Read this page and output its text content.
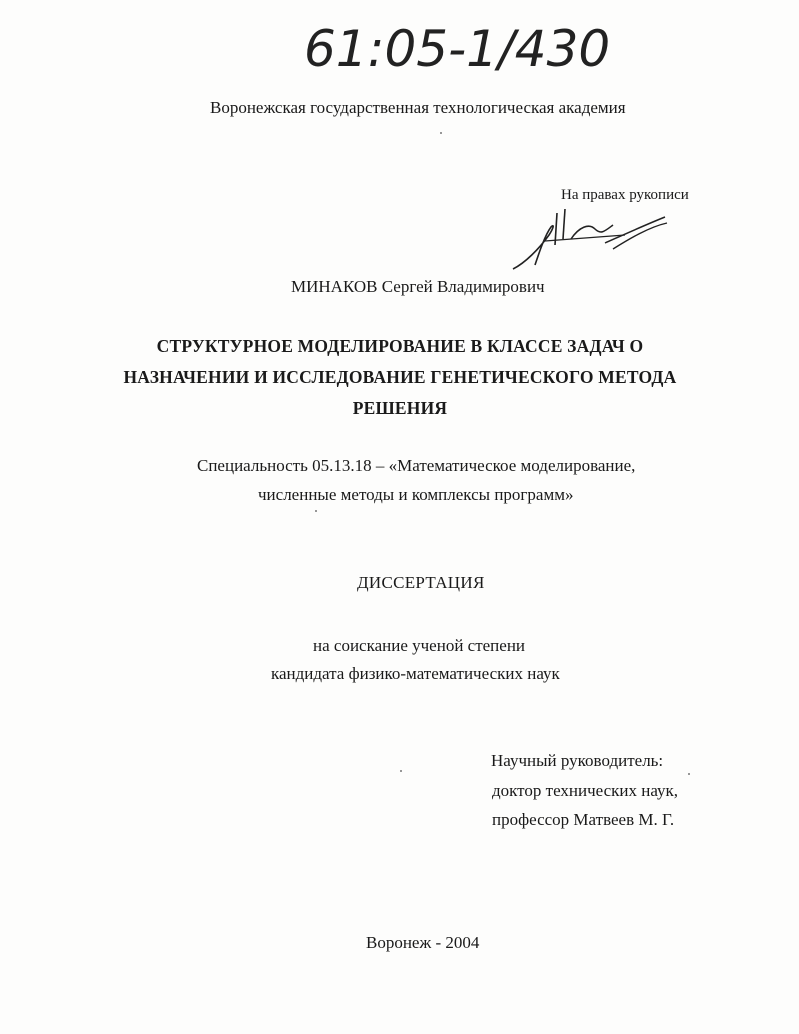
61:05-1/430
Воронежская государственная технологическая академия
На правах рукописи
МИНАКОВ Сергей Владимирович
СТРУКТУРНОЕ МОДЕЛИРОВАНИЕ В КЛАССЕ ЗАДАЧ О
НАЗНАЧЕНИИ И ИССЛЕДОВАНИЕ ГЕНЕТИЧЕСКОГО МЕТОДА
РЕШЕНИЯ
Специальность 05.13.18 – «Математическое моделирование,
численные методы и комплексы программ»
ДИССЕРТАЦИЯ
на соискание ученой степени
кандидата физико-математических наук
Научный руководитель:
доктор технических наук,
профессор Матвеев М. Г.
Воронеж - 2004
